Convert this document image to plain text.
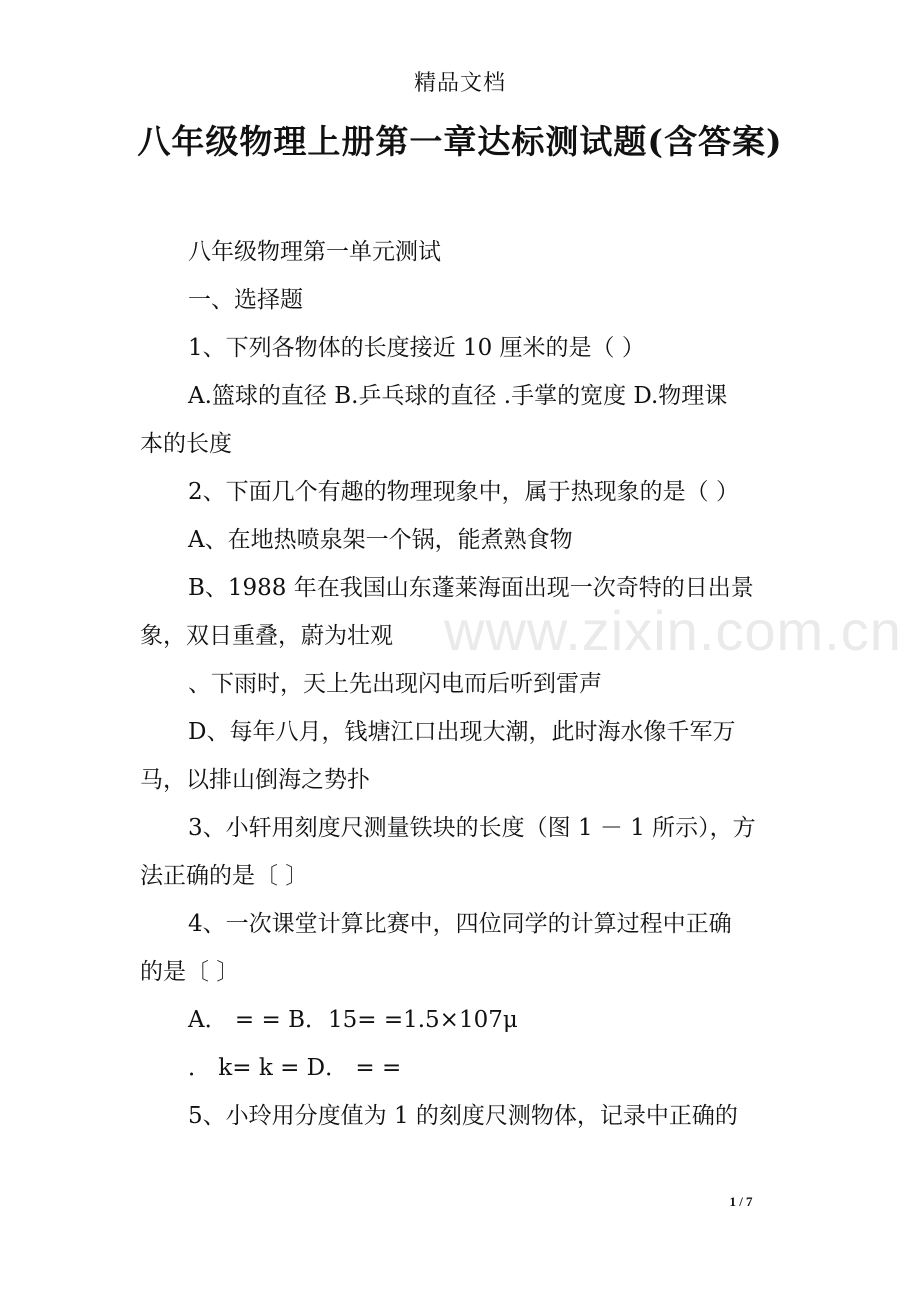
精品文档
八年级物理上册第一章达标测试题(含答案)
八年级物理第一单元测试
一、选择题
1、下列各物体的长度接近 10 厘米的是（ ）
A.篮球的直径 B.乒乓球的直径 .手掌的宽度 D.物理课
本的长度
2、下面几个有趣的物理现象中，属于热现象的是（ ）
A、在地热喷泉架一个锅，能煮熟食物
B、1988 年在我国山东蓬莱海面出现一次奇特的日出景
象，双日重叠，蔚为壮观
、下雨时，天上先出现闪电而后听到雷声
D、每年八月，钱塘江口出现大潮，此时海水像千军万
马，以排山倒海之势扑
3、小轩用刻度尺测量铁块的长度（图 1 － 1 所示），方
法正确的是〔 〕
4、一次课堂计算比赛中，四位同学的计算过程中正确
的是〔 〕
A． = = B．15= =1.5×107μ
． k= k = D． = =
5、小玲用分度值为 1 的刻度尺测物体，记录中正确的
www.zixin.com.cn
1 / 7
